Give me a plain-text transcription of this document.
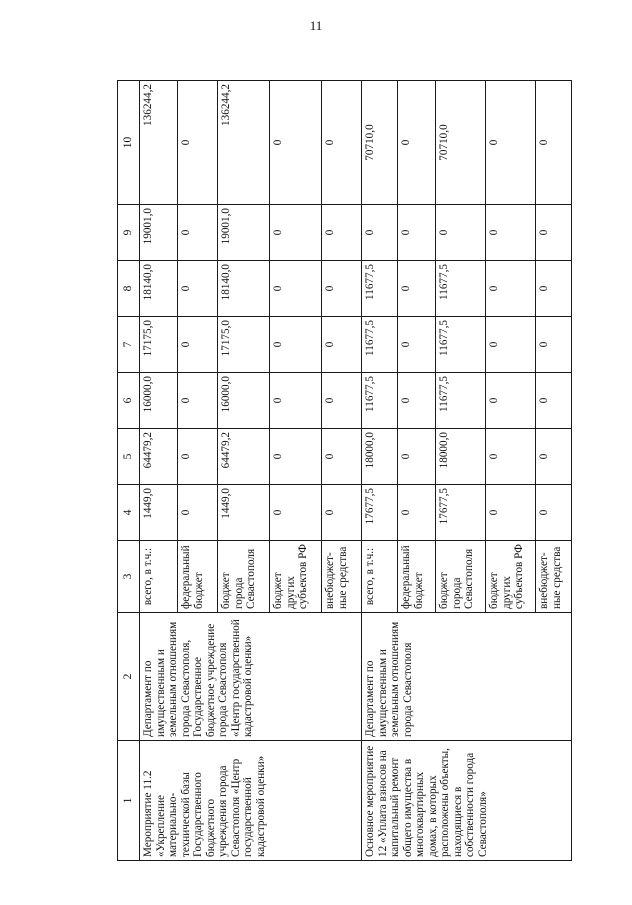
11
1	2	3	4	5	6	7	8	9	10
Мероприятие 11.2 «Укрепление материально-технической базы Государственного бюджетного учреждения города Севастополя «Центр государственной кадастровой оценки»	Департамент по имущественным и земельным отношениям города Севастополя, Государственное бюджетное учреждение города Севастополя «Центр государственной кадастровой оценки»	всего, в т.ч.:	1449,0	64479,2	16000,0	17175,0	18140,0	19001,0	136244,2
		федеральный бюджет	0	0	0	0	0	0	0
		бюджет города Севастополя	1449,0	64479,2	16000,0	17175,0	18140,0	19001,0	136244,2
		бюджет других субъектов РФ	0	0	0	0	0	0	0
		внебюджет-ные средства	0	0	0	0	0	0	0
Основное мероприятие 12 «Уплата взносов на капитальный ремонт общего имущества в многоквартирных домах, в которых расположены объекты, находящиеся в собственности города Севастополя»	Департамент по имущественным и земельным отношениям города Севастополя	всего, в т.ч.:	17677,5	18000,0	11677,5	11677,5	11677,5	0	70710,0
		федеральный бюджет	0	0	0	0	0	0	0
		бюджет города Севастополя	17677,5	18000,0	11677,5	11677,5	11677,5	0	70710,0
		бюджет других субъектов РФ	0	0	0	0	0	0	0
		внебюджет-ные средства	0	0	0	0	0	0	0
